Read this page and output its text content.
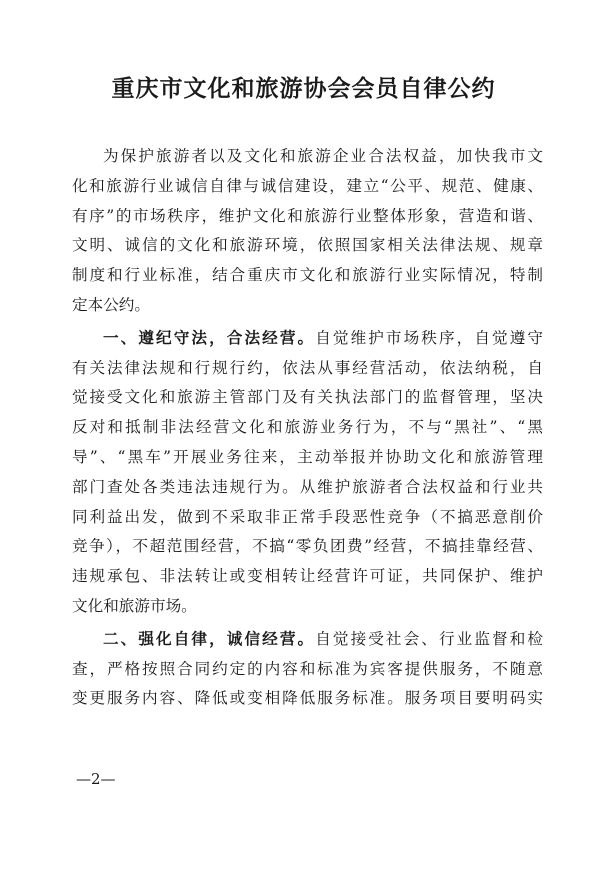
重庆市文化和旅游协会会员自律公约
为保护旅游者以及文化和旅游企业合法权益，加快我市文
化和旅游行业诚信自律与诚信建设，建立“公平、规范、健康、
有序”的市场秩序，维护文化和旅游行业整体形象，营造和谐、
文明、诚信的文化和旅游环境，依照国家相关法律法规、规章
制度和行业标准，结合重庆市文化和旅游行业实际情况，特制
定本公约。
一、遵纪守法，合法经营。自觉维护市场秩序，自觉遵守
有关法律法规和行规行约，依法从事经营活动，依法纳税，自
觉接受文化和旅游主管部门及有关执法部门的监督管理，坚决
反对和抵制非法经营文化和旅游业务行为，不与“黑社”、“黑
导”、“黑车”开展业务往来，主动举报并协助文化和旅游管理
部门查处各类违法违规行为。从维护旅游者合法权益和行业共
同利益出发，做到不采取非正常手段恶性竞争（不搞恶意削价
竞争），不超范围经营，不搞“零负团费”经营，不搞挂靠经营、
违规承包、非法转让或变相转让经营许可证，共同保护、维护
文化和旅游市场。
二、强化自律，诚信经营。自觉接受社会、行业监督和检
查，严格按照合同约定的内容和标准为宾客提供服务，不随意
变更服务内容、降低或变相降低服务标准。服务项目要明码实
—2—
